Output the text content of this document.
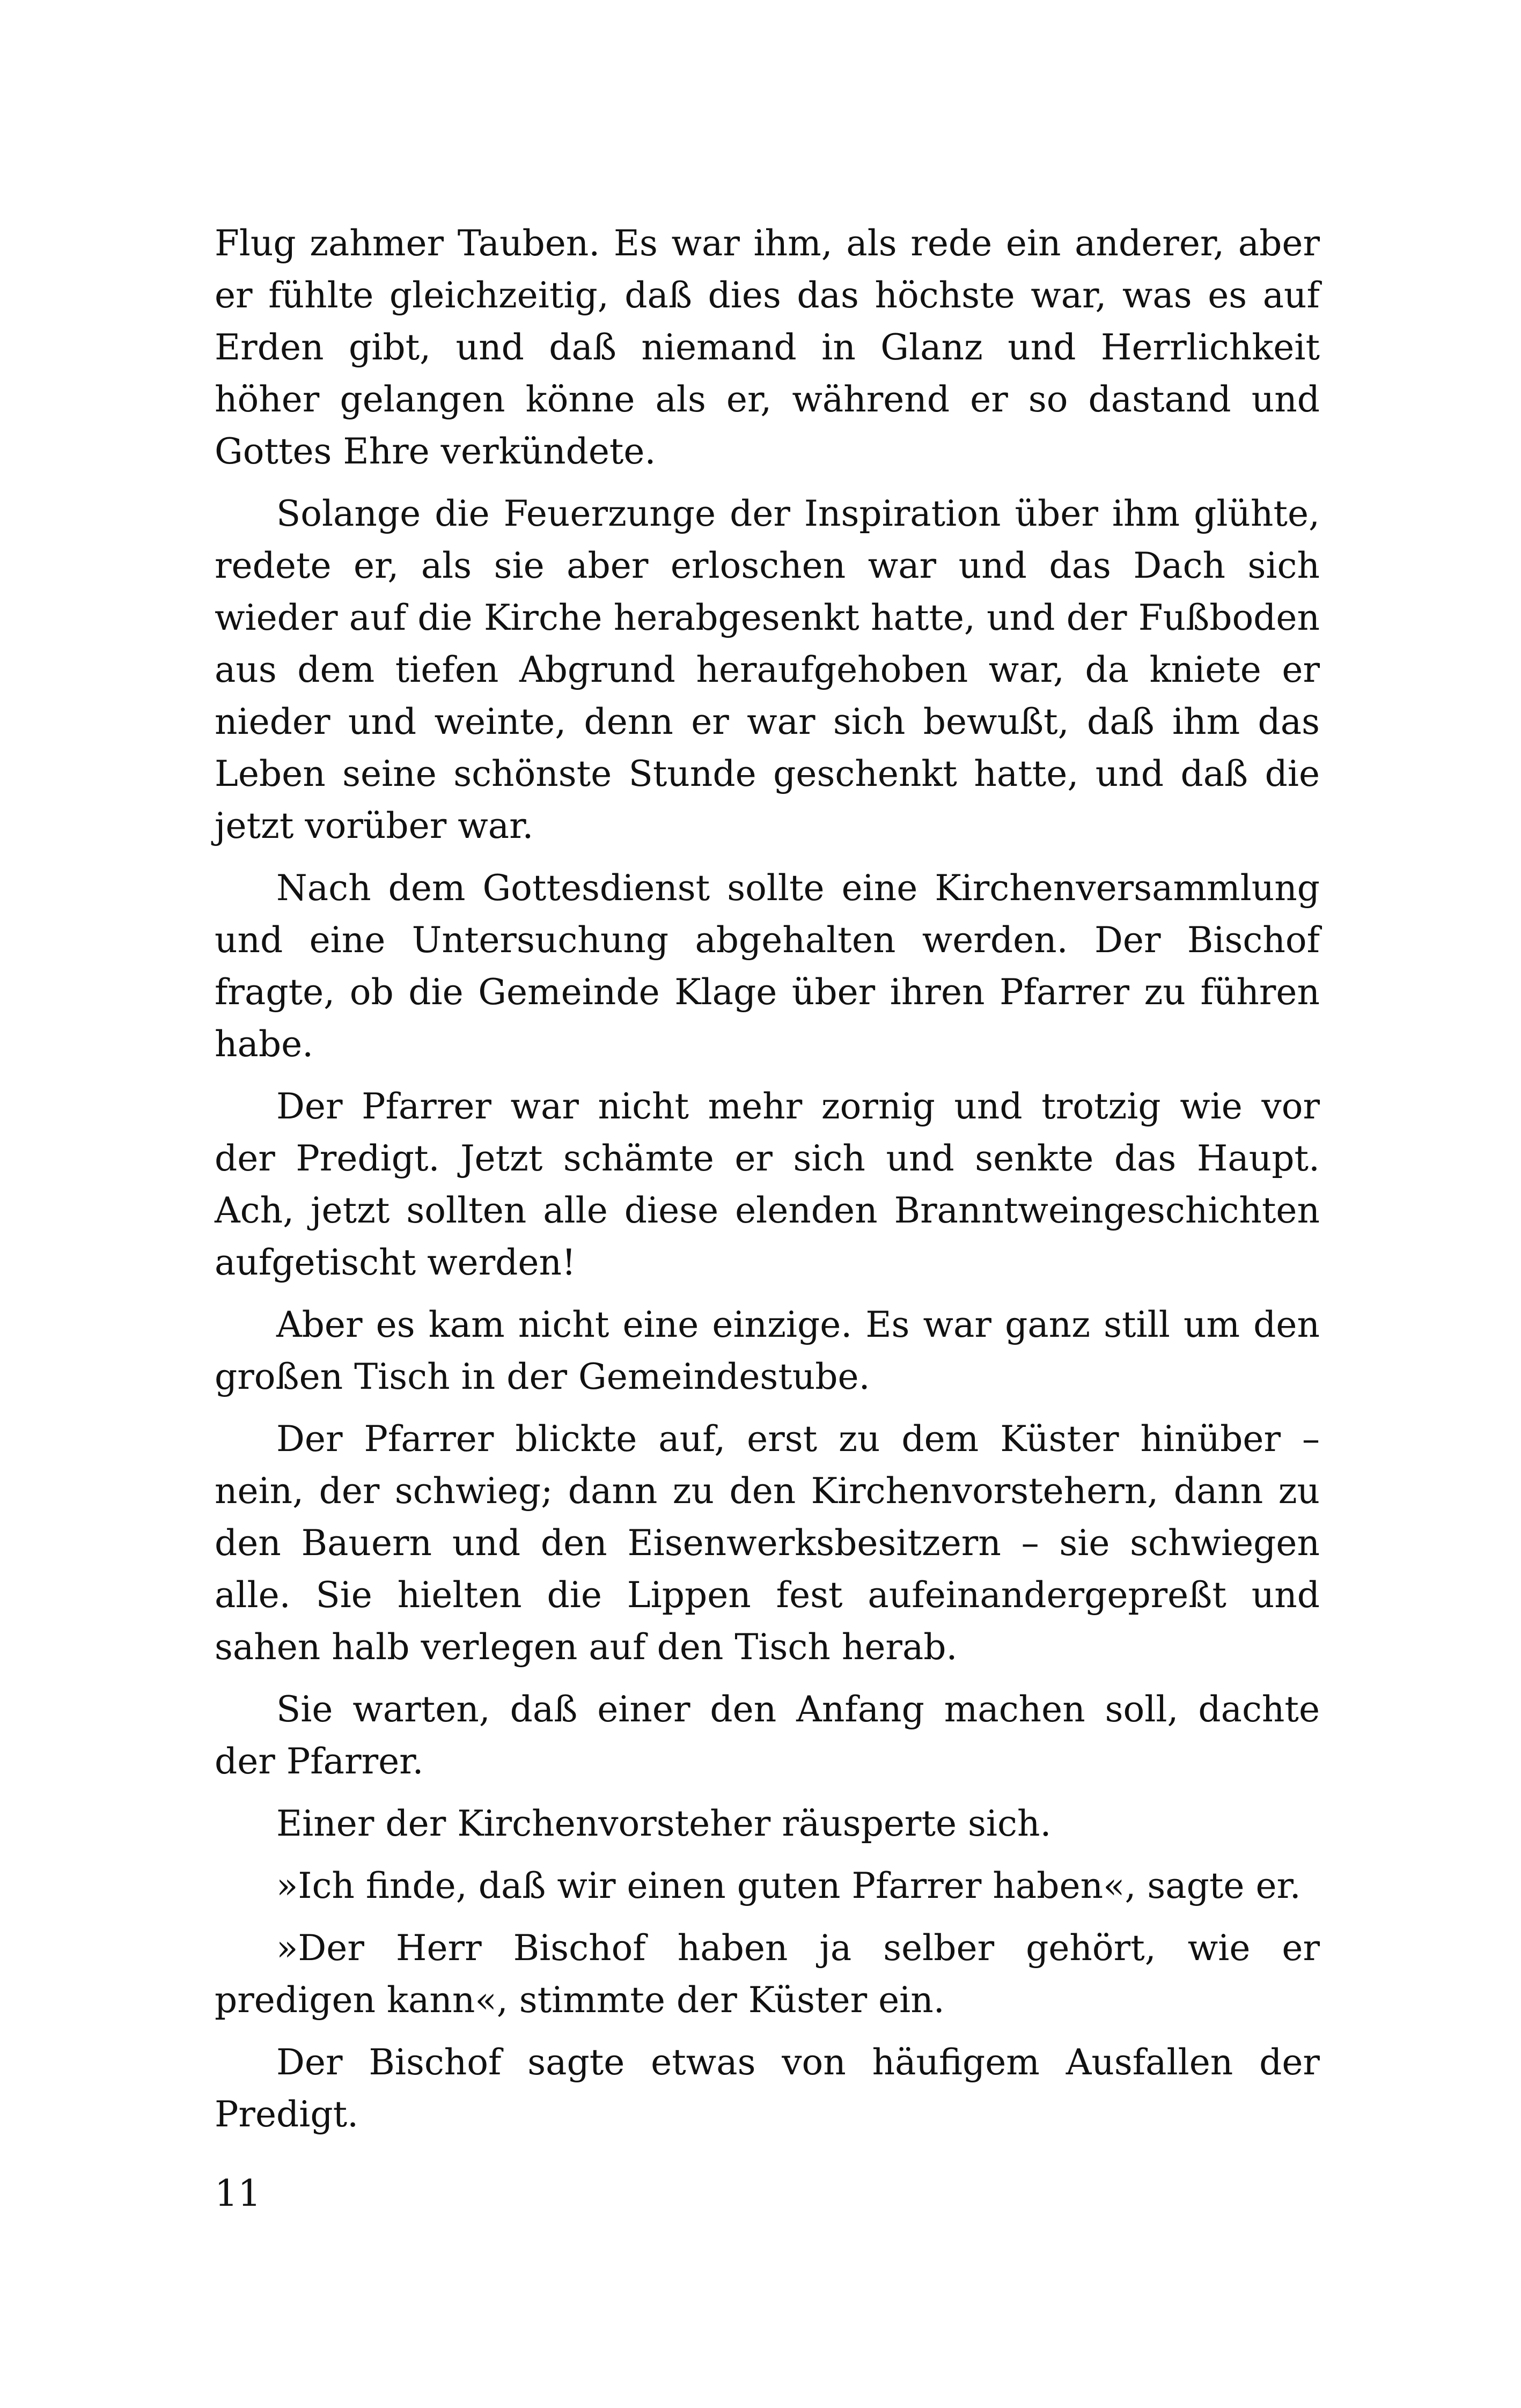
Flug zahmer Tauben. Es war ihm, als rede ein anderer, aber er fühlte gleichzeitig, daß dies das höchste war, was es auf Erden gibt, und daß niemand in Glanz und Herrlichkeit höher gelangen könne als er, während er so dastand und Gottes Ehre verkündete.

Solange die Feuerzunge der Inspiration über ihm glühte, redete er, als sie aber erloschen war und das Dach sich wieder auf die Kirche herabgesenkt hatte, und der Fußboden aus dem tiefen Abgrund heraufgehoben war, da kniete er nieder und weinte, denn er war sich bewußt, daß ihm das Leben seine schönste Stunde geschenkt hatte, und daß die jetzt vorüber war.

Nach dem Gottesdienst sollte eine Kirchenversammlung und eine Untersuchung abgehalten werden. Der Bischof fragte, ob die Gemeinde Klage über ihren Pfarrer zu führen habe.

Der Pfarrer war nicht mehr zornig und trotzig wie vor der Predigt. Jetzt schämte er sich und senkte das Haupt. Ach, jetzt sollten alle diese elenden Branntweingeschichten aufgetischt werden!

Aber es kam nicht eine einzige. Es war ganz still um den großen Tisch in der Gemeindestube.

Der Pfarrer blickte auf, erst zu dem Küster hinüber – nein, der schwieg; dann zu den Kirchenvorstehern, dann zu den Bauern und den Eisenwerksbesitzern – sie schwiegen alle. Sie hielten die Lippen fest aufeinandergepreßt und sahen halb verlegen auf den Tisch herab.

Sie warten, daß einer den Anfang machen soll, dachte der Pfarrer.

Einer der Kirchenvorsteher räusperte sich.

»Ich finde, daß wir einen guten Pfarrer haben«, sagte er.

»Der Herr Bischof haben ja selber gehört, wie er predigen kann«, stimmte der Küster ein.

Der Bischof sagte etwas von häufigem Ausfallen der Predigt.

11
